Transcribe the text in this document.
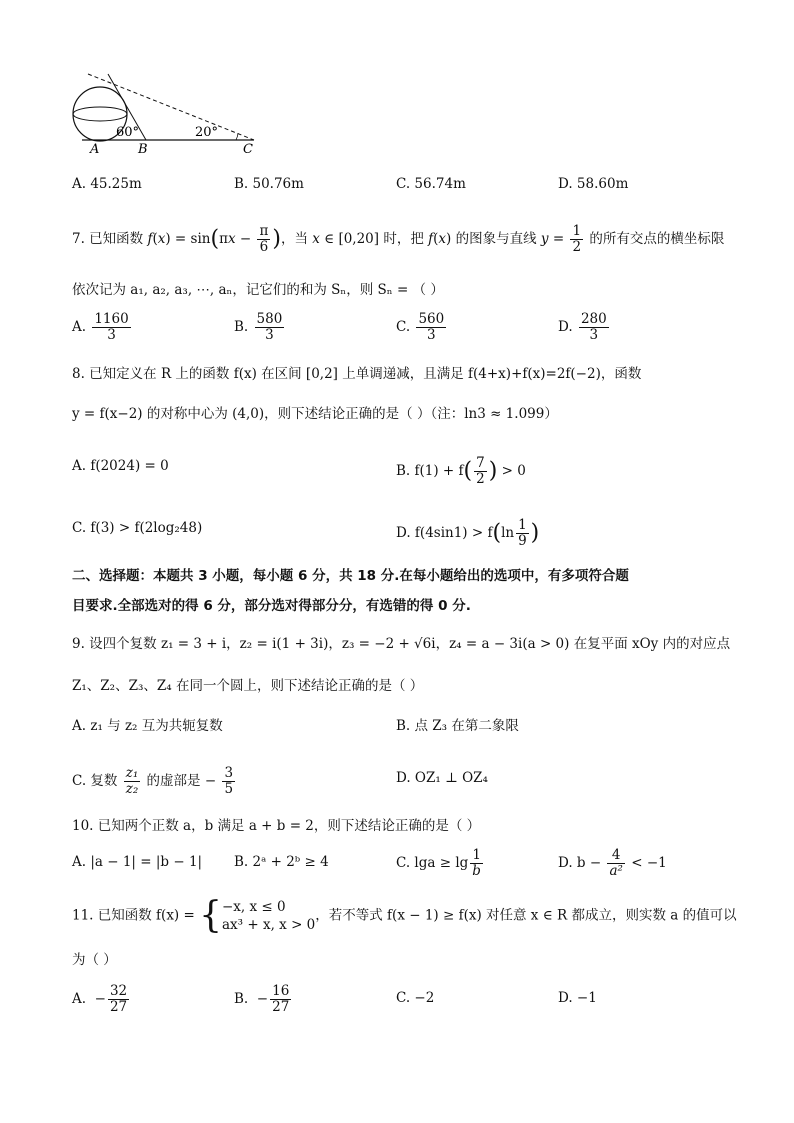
60°	20°
A	B	C
A. 45.25m	B. 50.76m	C. 56.74m	D. 58.60m
7. 已知函数 $f(x) = \sin(\pi x - \frac{\pi}{6}$ )，当 x ∈ [0,20] 时，把 f(x) 的图象与直线 $y = \frac{1}{2}$ 的所有交点的横坐标限
依次记为 a₁, a₂, a₃, ⋯, aₙ，记它们的和为 Sₙ，则 Sₙ = （ ）
A. $\frac{1160}{3}$	B. $\frac{580}{3}$	C. $\frac{560}{3}$	D. $\frac{280}{3}$
8. 已知定义在 R 上的函数 f(x) 在区间 [0,2] 上单调递减，且满足 f(4+x)+f(x)=2f(−2)，函数
y = f(x−2) 的对称中心为 (4,0)，则下述结论正确的是（ ）（注：ln3 ≈ 1.099）
A. f(2024) = 0	B. $f(1) + f( \frac{7}{2}$ ) > 0
C. f(3) > f(2log₂48)	D. $f(4\sin 1) > f(\ln \frac{1}{9}$ )
二、选择题：本题共 3 小题，每小题 6 分，共 18 分.在每小题给出的选项中，有多项符合题
目要求.全部选对的得 6 分，部分选对得部分分，有选错的得 0 分.
9. 设四个复数 z₁ = 3 + i，z₂ = i(1 + 3i)，z₃ = −2 + √6i，z₄ = a − 3i(a > 0) 在复平面 xOy 内的对应点
Z₁、Z₂、Z₃、Z₄ 在同一个圆上，则下述结论正确的是（ ）
A. z₁ 与 z₂ 互为共轭复数	B. 点 Z₃ 在第二象限
C. 复数 $\frac{\text{z₁}}{\text{z₂}}$ 的虚部是 − $\frac{3}{5}$	D. OZ₁ ⊥ OZ₄
10. 已知两个正数 a，b 满足 a + b = 2，则下述结论正确的是（ ）
A. |a − 1| = |b − 1| B. 2ᵃ + 2ᵇ ≥ 4	C. $\lg a \ge \lg \frac{1}{b}$	D. $b - \frac{4}{\text{a²}} < -1$
11. 已知函数 f(x) = { −x, x ≤ 0
ax³ + x, x > 0
，若不等式 f(x − 1) ≥ f(x) 对任意 x ∈ R 都成立，则实数 a 的值可以
为（ ）
A.  − $\frac{32}{27}$	B.  − $\frac{16}{27}$	C. −2	D. −1
